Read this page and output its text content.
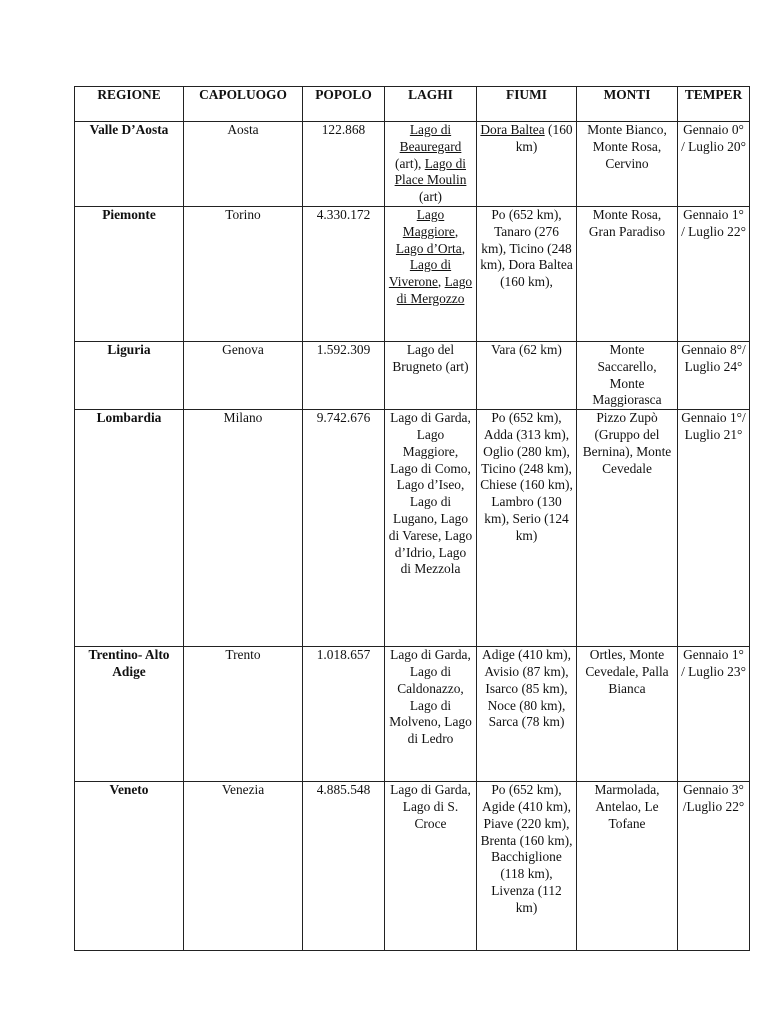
REGIONE	CAPOLUOGO	POPOLO	LAGHI	FIUMI	MONTI	TEMPER
Valle D’Aosta	Aosta	122.868	Lago di Beauregard (art), Lago di Place Moulin (art)	Dora Baltea (160 km)	Monte Bianco, Monte Rosa, Cervino	Gennaio 0° / Luglio 20°
Piemonte	Torino	4.330.172	Lago Maggiore, Lago d’Orta, Lago di Viverone, Lago di Mergozzo	Po (652 km), Tanaro (276 km), Ticino (248 km), Dora Baltea (160 km),	Monte Rosa, Gran Paradiso	Gennaio 1° / Luglio 22°
Liguria	Genova	1.592.309	Lago del Brugneto (art)	Vara (62 km)	Monte Saccarello, Monte Maggiorasca	Gennaio 8°/ Luglio 24°
Lombardia	Milano	9.742.676	Lago di Garda, Lago Maggiore, Lago di Como, Lago d’Iseo, Lago di Lugano, Lago di Varese, Lago d’Idrio, Lago di Mezzola	Po (652 km), Adda (313 km), Oglio (280 km), Ticino (248 km), Chiese (160 km), Lambro (130 km), Serio (124 km)	Pizzo Zupò (Gruppo del Bernina), Monte Cevedale	Gennaio 1°/ Luglio 21°
Trentino- Alto Adige	Trento	1.018.657	Lago di Garda, Lago di Caldonazzo, Lago di Molveno, Lago di Ledro	Adige (410 km), Avisio (87 km), Isarco (85 km), Noce (80 km), Sarca (78 km)	Ortles, Monte Cevedale, Palla Bianca	Gennaio 1° / Luglio 23°
Veneto	Venezia	4.885.548	Lago di Garda, Lago di S. Croce	Po (652 km), Agide (410 km), Piave (220 km), Brenta (160 km), Bacchiglione (118 km), Livenza (112 km)	Marmolada, Antelao, Le Tofane	Gennaio 3° /Luglio 22°
